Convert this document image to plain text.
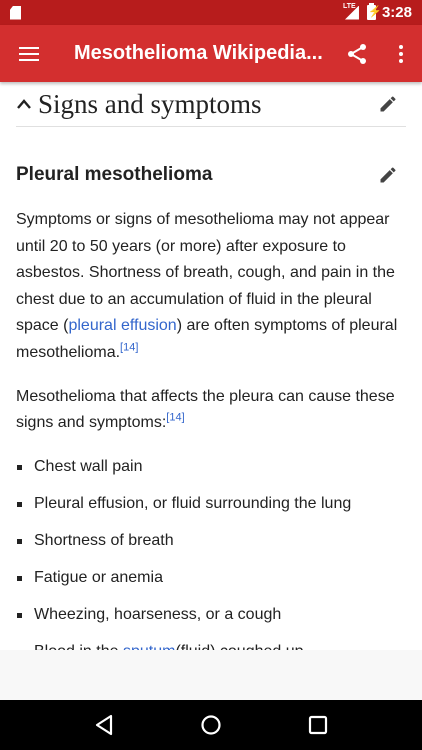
LTE ⚡ 3:28
Mesothelioma Wikipedia...
Signs and symptoms
Pleural mesothelioma

Symptoms or signs of mesothelioma may not appear until 20 to 50 years (or more) after exposure to asbestos. Shortness of breath, cough, and pain in the chest due to an accumulation of fluid in the pleural space (pleural effusion) are often symptoms of pleural mesothelioma.[14]

Mesothelioma that affects the pleura can cause these signs and symptoms:[14]

Chest wall pain
Pleural effusion, or fluid surrounding the lung
Shortness of breath
Fatigue or anemia
Wheezing, hoarseness, or a cough
